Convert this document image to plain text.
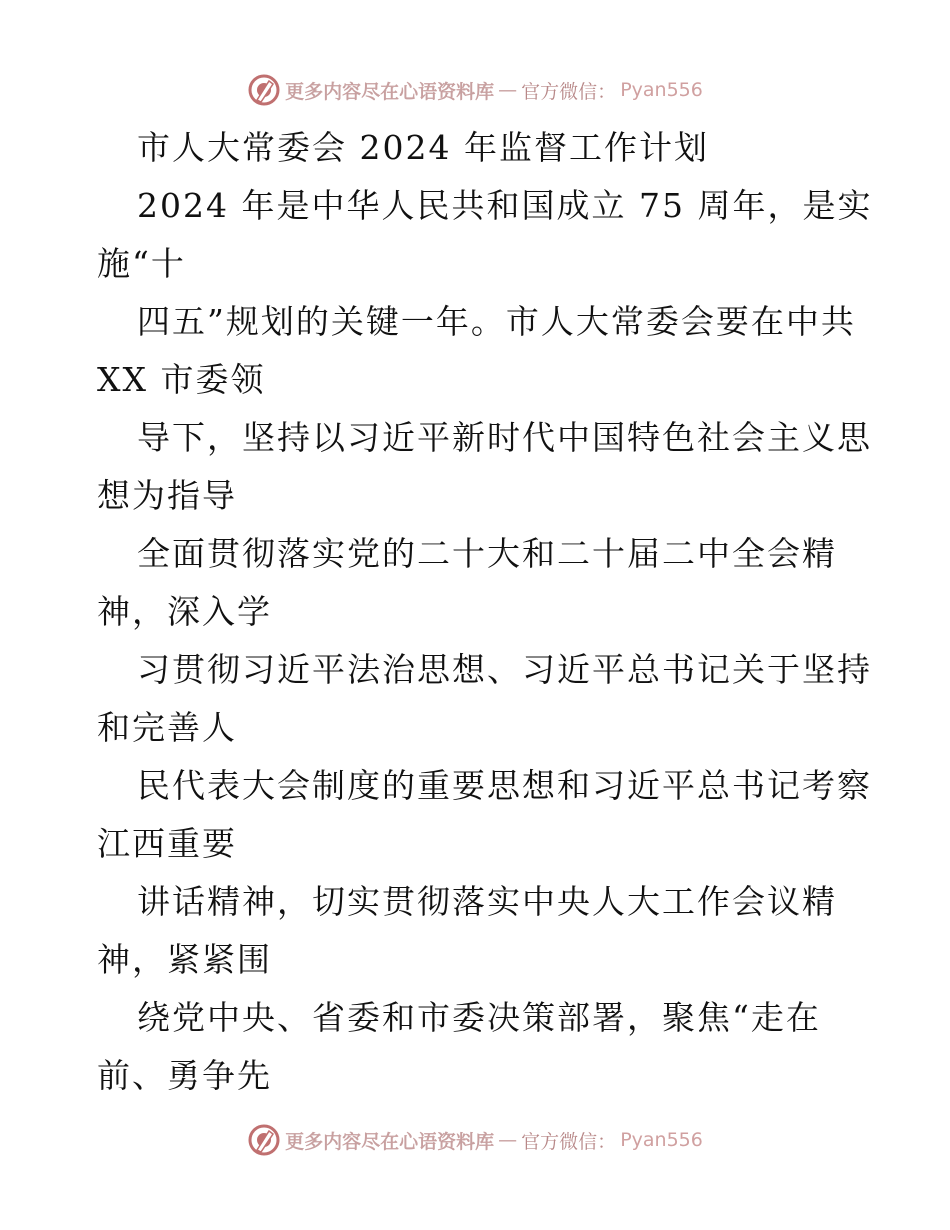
更多内容尽在心语资料库 — 官方微信： Pyan556
市人大常委会 2024 年监督工作计划
2024 年是中华人民共和国成立 75 周年，是实
施“十
四五”规划的关键一年。市人大常委会要在中共
XX 市委领
导下，坚持以习近平新时代中国特色社会主义思
想为指导
全面贯彻落实党的二十大和二十届二中全会精
神，深入学
习贯彻习近平法治思想、习近平总书记关于坚持
和完善人
民代表大会制度的重要思想和习近平总书记考察
江西重要
讲话精神，切实贯彻落实中央人大工作会议精
神，紧紧围
绕党中央、省委和市委决策部署，聚焦“走在
前、勇争先
更多内容尽在心语资料库 — 官方微信： Pyan556
